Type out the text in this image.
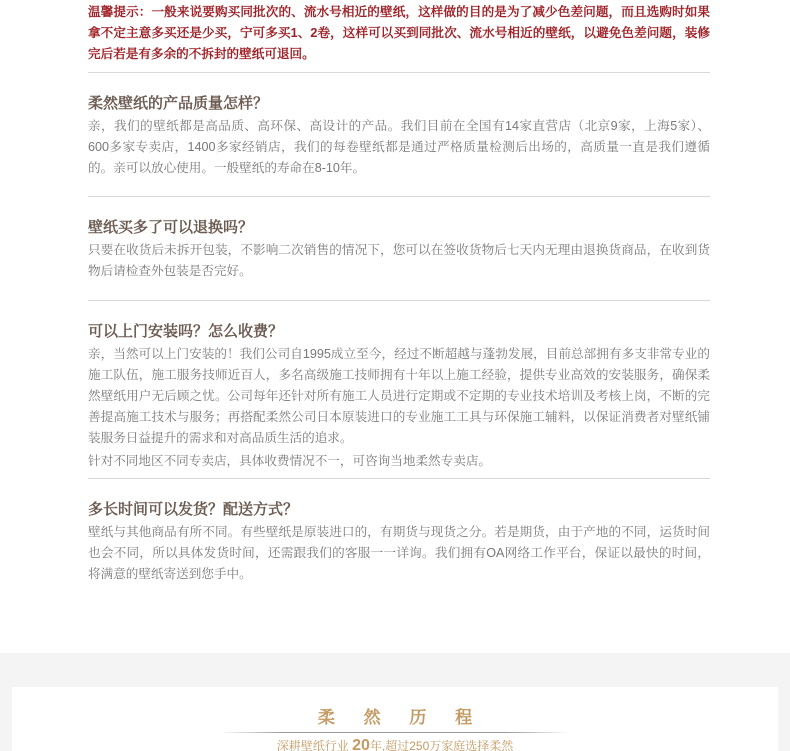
温馨提示：一般来说要购买同批次的、流水号相近的壁纸，这样做的目的是为了减少色差问题，而且选购时如果拿不定主意多买还是少买，宁可多买1、2卷，这样可以买到同批次、流水号相近的壁纸，以避免色差问题，装修完后若是有多余的不拆封的壁纸可退回。
柔然壁纸的产品质量怎样？

亲，我们的壁纸都是高品质、高环保、高设计的产品。我们目前在全国有14家直营店（北京9家，上海5家）、600多家专卖店，1400多家经销店，我们的每卷壁纸都是通过严格质量检测后出场的，高质量一直是我们遵循的。亲可以放心使用。一般壁纸的寿命在8-10年。

壁纸买多了可以退换吗？

只要在收货后未拆开包装，不影响二次销售的情况下，您可以在签收货物后七天内无理由退换货商品，在收到货物后请检查外包装是否完好。

可以上门安装吗？怎么收费？

亲，当然可以上门安装的！我们公司自1995成立至今，经过不断超越与蓬勃发展，目前总部拥有多支非常专业的施工队伍，施工服务技师近百人，多名高级施工技师拥有十年以上施工经验，提供专业高效的安装服务，确保柔然壁纸用户无后顾之忧。公司每年还针对所有施工人员进行定期或不定期的专业技术培训及考核上岗，不断的完善提高施工技术与服务；再搭配柔然公司日本原装进口的专业施工工具与环保施工辅料，以保证消费者对壁纸铺装服务日益提升的需求和对高品质生活的追求。

针对不同地区不同专卖店，具体收费情况不一，可咨询当地柔然专卖店。

多长时间可以发货？配送方式？

壁纸与其他商品有所不同。有些壁纸是原装进口的，有期货与现货之分。若是期货，由于产地的不同，运货时间也会不同，所以具体发货时间，还需跟我们的客服一一详询。我们拥有OA网络工作平台，保证以最快的时间，将满意的壁纸寄送到您手中。

柔 然 历 程
深耕壁纸行业 20年,超过250万家庭选择柔然
